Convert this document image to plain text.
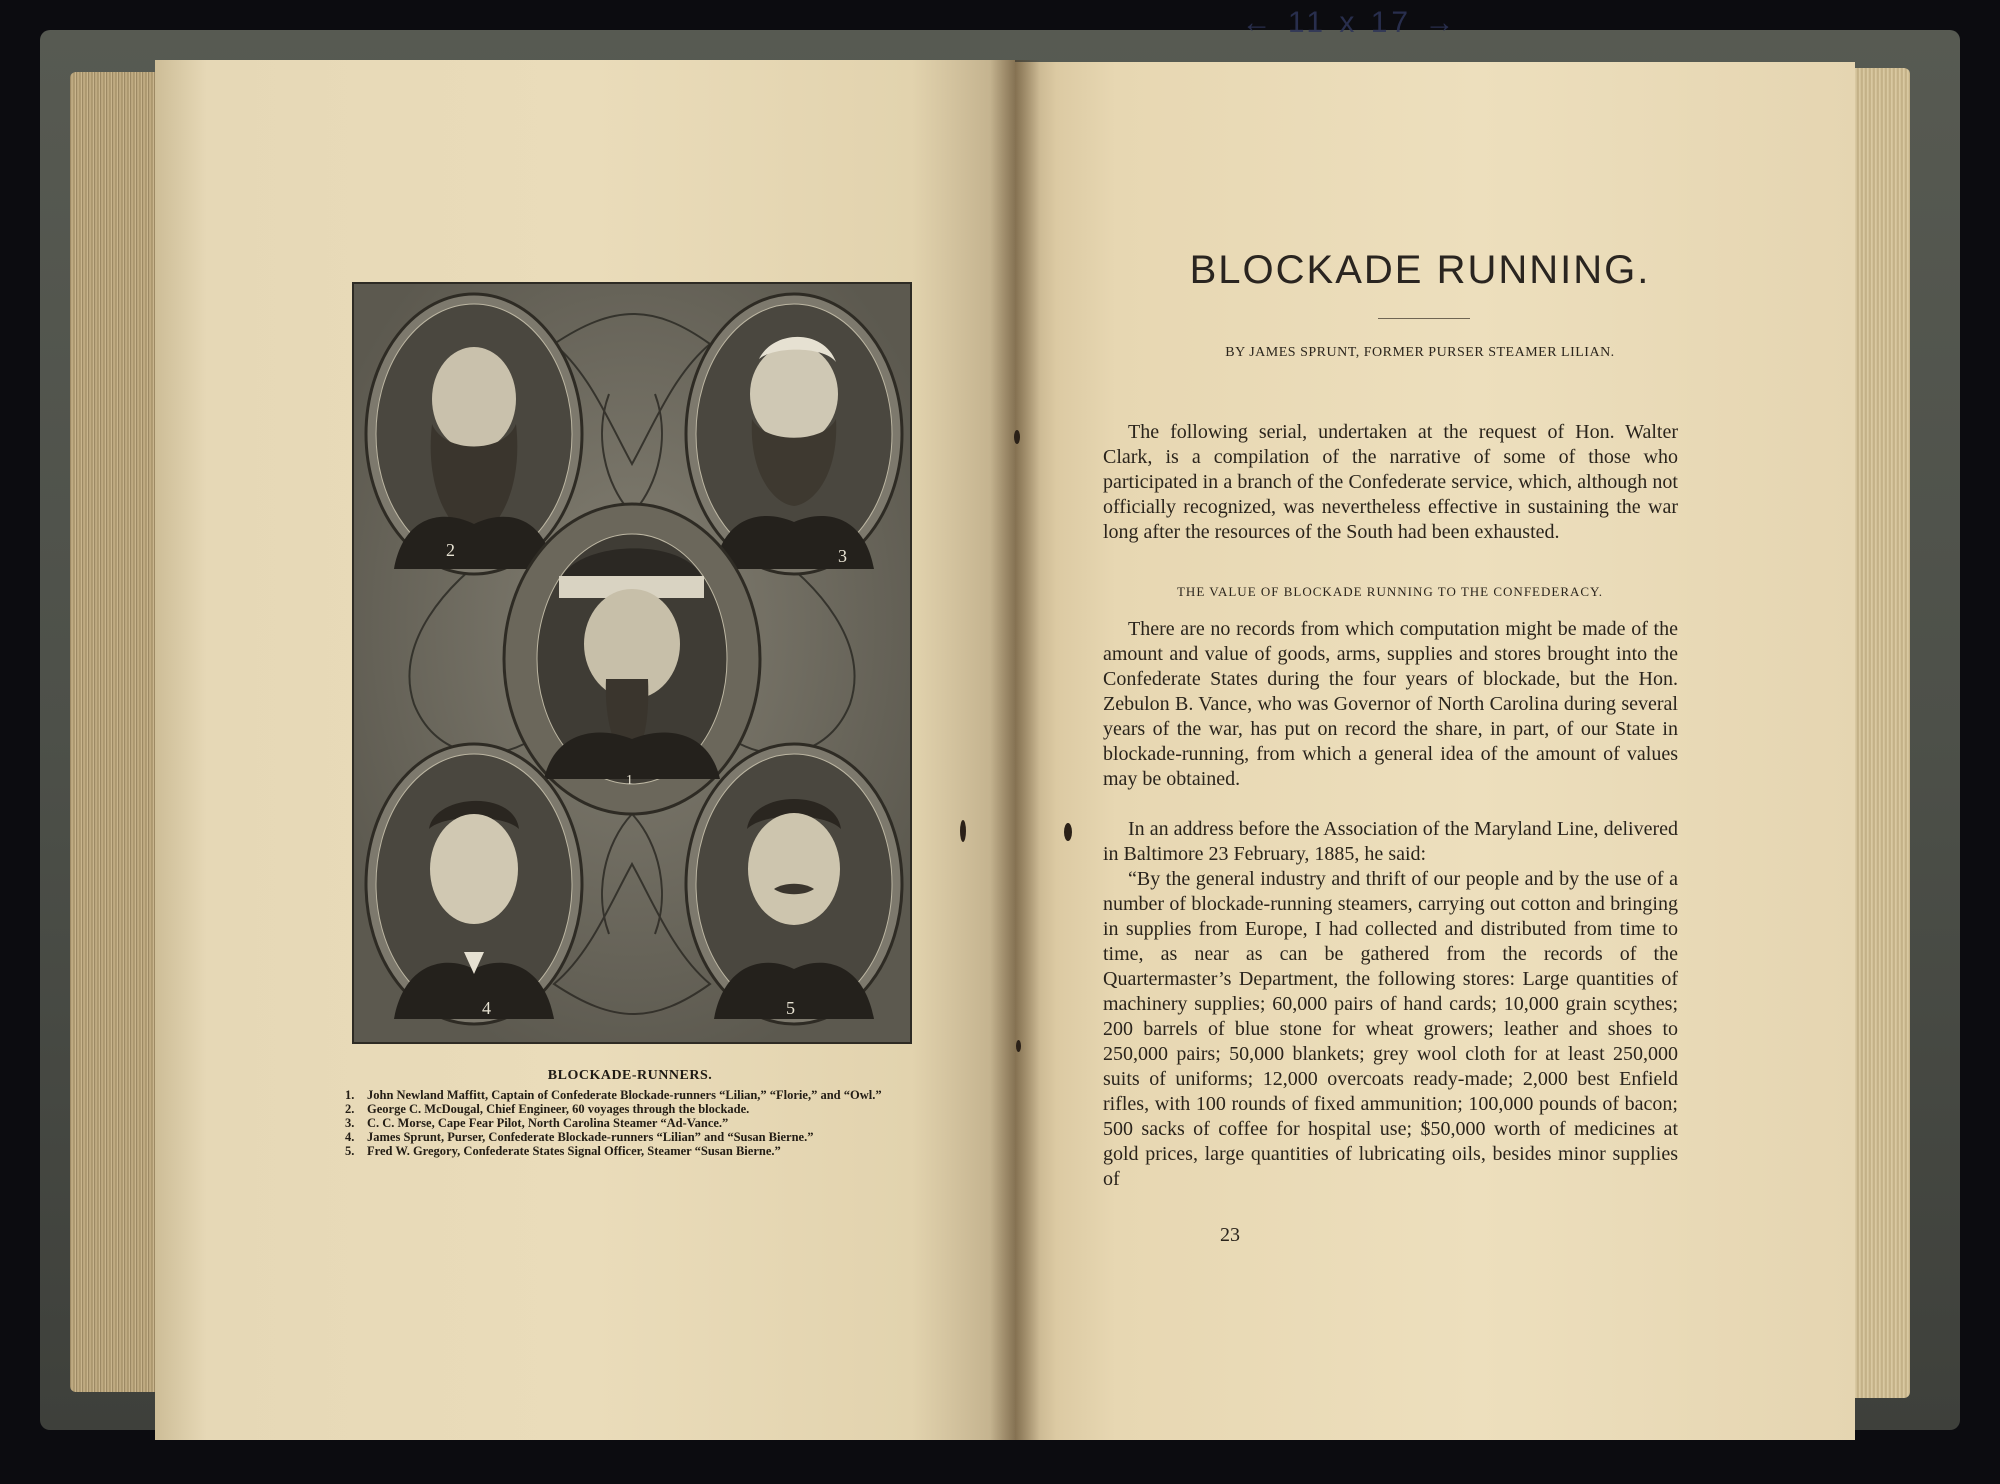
← 11 x 17 →
2	3
1
4	5
BLOCKADE-RUNNERS.
1.	John Newland Maffitt, Captain of Confederate Blockade-runners “Lilian,” “Florie,” and “Owl.”
2.	George C. McDougal, Chief Engineer, 60 voyages through the blockade.
3.	C. C. Morse, Cape Fear Pilot, North Carolina Steamer “Ad-Vance.”
4.	James Sprunt, Purser, Confederate Blockade-runners “Lilian” and “Susan Bierne.”
5.	Fred W. Gregory, Confederate States Signal Officer, Steamer “Susan Bierne.”
BLOCKADE RUNNING.
BY JAMES SPRUNT, FORMER PURSER STEAMER LILIAN.

The following serial, undertaken at the request of Hon. Walter Clark, is a compilation of the narrative of some of those who participated in a branch of the Confederate service, which, although not officially recognized, was nevertheless effective in sustaining the war long after the resources of the South had been exhausted.

THE VALUE OF BLOCKADE RUNNING TO THE CONFEDERACY.

There are no records from which computation might be made of the amount and value of goods, arms, supplies and stores brought into the Confederate States during the four years of blockade, but the Hon. Zebulon B. Vance, who was Governor of North Carolina during several years of the war, has put on record the share, in part, of our State in blockade-running, from which a general idea of the amount of values may be obtained.

In an address before the Association of the Maryland Line, delivered in Baltimore 23 February, 1885, he said:

“By the general industry and thrift of our people and by the use of a number of blockade-running steamers, carrying out cotton and bringing in supplies from Europe, I had collected and distributed from time to time, as near as can be gathered from the records of the Quartermaster’s Department, the following stores: Large quantities of machinery supplies; 60,000 pairs of hand cards; 10,000 grain scythes; 200 barrels of blue stone for wheat growers; leather and shoes to 250,000 pairs; 50,000 blankets; grey wool cloth for at least 250,000 suits of uniforms; 12,000 overcoats ready-made; 2,000 best Enfield rifles, with 100 rounds of fixed ammunition; 100,000 pounds of bacon; 500 sacks of coffee for hospital use; $50,000 worth of medicines at gold prices, large quantities of lubricating oils, besides minor supplies of

23
